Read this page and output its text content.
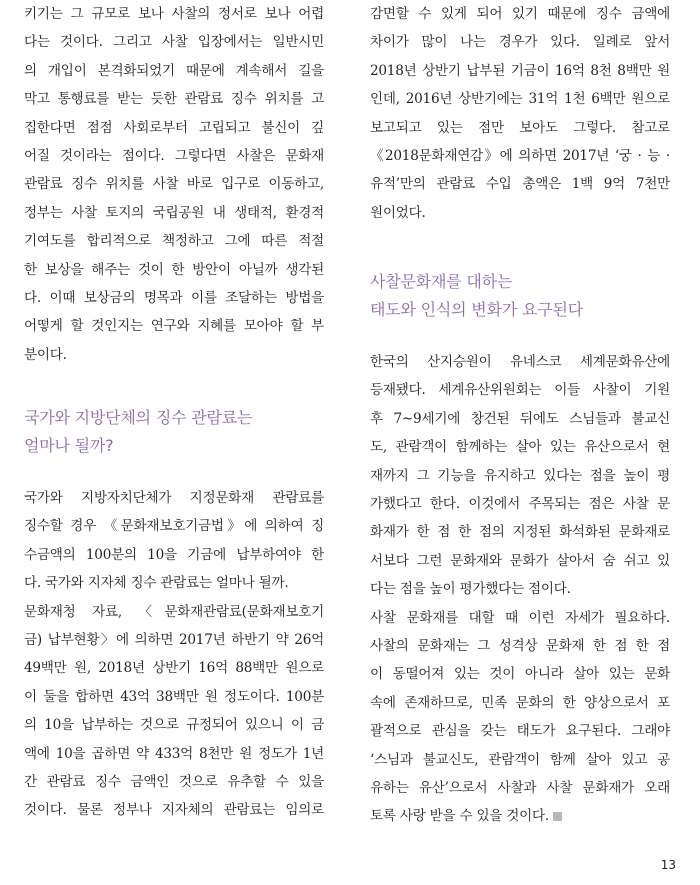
키기는 그 규모로 보나 사찰의 정서로 보나 어렵

다는 것이다. 그리고 사찰 입장에서는 일반시민

의 개입이 본격화되었기 때문에 계속해서 길을

막고 통행료를 받는 듯한 관람료 징수 위치를 고

집한다면 점점 사회로부터 고립되고 불신이 깊

어질 것이라는 점이다. 그렇다면 사찰은 문화재

관람료 징수 위치를 사찰 바로 입구로 이동하고,

정부는 사찰 토지의 국립공원 내 생태적, 환경적

기여도를 합리적으로 책정하고 그에 따른 적절

한 보상을 해주는 것이 한 방안이 아닐까 생각된

다. 이때 보상금의 명목과 이를 조달하는 방법을

어떻게 할 것인지는 연구와 지혜를 모아야 할 부

분이다.

국가와 지방단체의 징수 관람료는

얼마나 될까?

국가와 지방자치단체가 지정문화재 관람료를

징수할 경우 《문화재보호기금법》에 의하여 징

수금액의 100분의 10을 기금에 납부하여야 한

다. 국가와 지자체 징수 관람료는 얼마나 될까.

문화재청 자료, 〈문화재관람료(문화재보호기

금) 납부현황〉에 의하면 2017년 하반기 약 26억

49백만 원, 2018년 상반기 16억 88백만 원으로

이 둘을 합하면 43억 38백만 원 정도이다. 100분

의 10을 납부하는 것으로 규정되어 있으니 이 금

액에 10을 곱하면 약 433억 8천만 원 정도가 1년

간 관람료 징수 금액인 것으로 유추할 수 있을

것이다. 물론 정부나 지자체의 관람료는 임의로

감면할 수 있게 되어 있기 때문에 징수 금액에

차이가 많이 나는 경우가 있다. 일례로 앞서

2018년 상반기 납부된 기금이 16억 8천 8백만 원

인데, 2016년 상반기에는 31억 1천 6백만 원으로

보고되고 있는 점만 보아도 그렇다. 참고로

《2018문화재연감》에 의하면 2017년 ‘궁 · 능 ·

유적’만의 관람료 수입 총액은 1백 9억 7천만

원이었다.

사찰문화재를 대하는

태도와 인식의 변화가 요구된다

한국의 산지승원이 유네스코 세계문화유산에

등재됐다. 세계유산위원회는 이들 사찰이 기원

후 7~9세기에 창건된 뒤에도 스님들과 불교신

도, 관람객이 함께하는 살아 있는 유산으로서 현

재까지 그 기능을 유지하고 있다는 점을 높이 평

가했다고 한다. 이것에서 주목되는 점은 사찰 문

화재가 한 점 한 점의 지정된 화석화된 문화재로

서보다 그런 문화재와 문화가 살아서 숨 쉬고 있

다는 점을 높이 평가했다는 점이다.

사찰 문화재를 대할 때 이런 자세가 필요하다.

사찰의 문화재는 그 성격상 문화재 한 점 한 점

이 동떨어져 있는 것이 아니라 살아 있는 문화

속에 존재하므로, 민족 문화의 한 양상으로서 포

괄적으로 관심을 갖는 태도가 요구된다. 그래야

‘스님과 불교신도, 관람객이 함께 살아 있고 공

유하는 유산’으로서 사찰과 사찰 문화재가 오래

토록 사랑 받을 수 있을 것이다.

13
